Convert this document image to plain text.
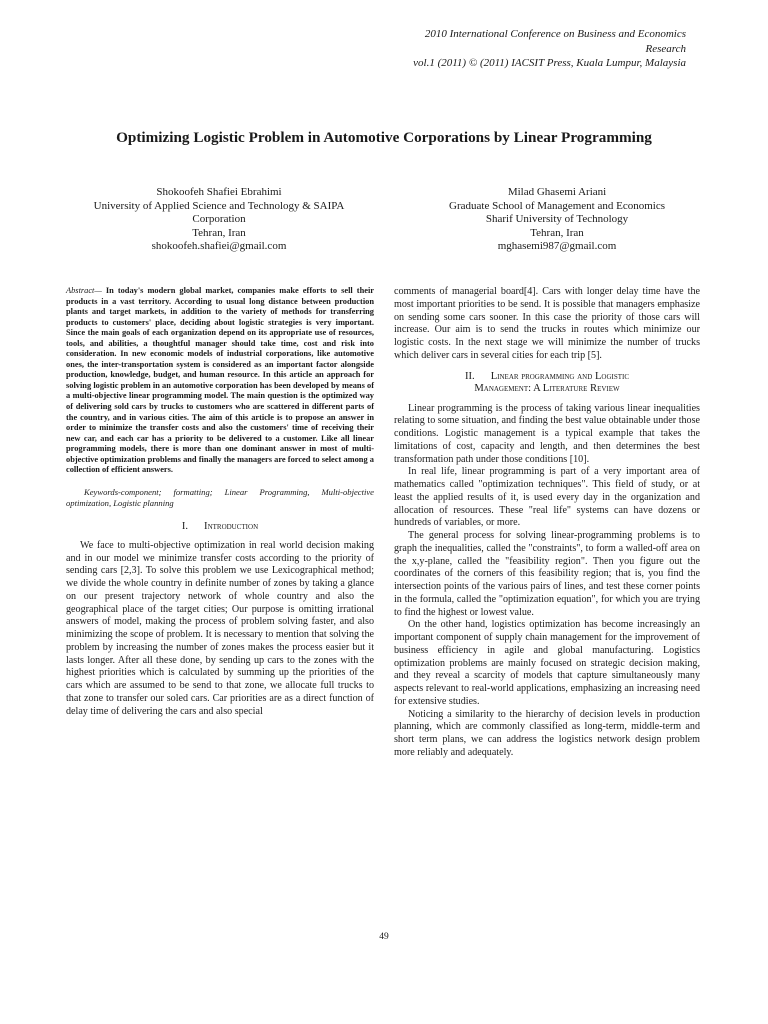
2010 International Conference on Business and Economics
Research
vol.1 (2011) © (2011) IACSIT Press, Kuala Lumpur, Malaysia
Optimizing Logistic Problem in Automotive Corporations by Linear Programming
Shokoofeh Shafiei Ebrahimi
University of Applied Science and Technology & SAIPA
Corporation
Tehran, Iran
shokoofeh.shafiei@gmail.com
Milad Ghasemi Ariani
Graduate School of Management and Economics
Sharif University of Technology
Tehran, Iran
mghasemi987@gmail.com

Abstract— In today's modern global market, companies make efforts to sell their products in a vast territory. According to usual long distance between production plants and target markets, in addition to the variety of methods for transferring products to customers' place, deciding about logistic strategies is very important. Since the main goals of each organization depend on its appropriate use of resources, tools, and abilities, a thoughtful manager should take time, cost and risk into consideration. In new economic models of industrial corporations, like automotive ones, the inter-transportation system is considered as an important factor alongside production, knowledge, budget, and human resource. In this article an approach for solving logistic problem in an automotive corporation has been developed by means of a multi-objective linear programming model. The main question is the optimized way of delivering sold cars by trucks to customers who are scattered in different parts of the country, and in various cities. The aim of this article is to propose an answer in order to minimize the transfer costs and also the customers' time of receiving their new car, and each car has a priority to be delivered to a customer. Like all linear programming models, there is more than one dominant answer in most of multi-objective optimization problems and finally the managers are forced to select among a collection of efficient answers.

Keywords-component; formatting; Linear Programming, Multi-objective optimization, Logistic planning

I. Introduction

We face to multi-objective optimization in real world decision making and in our model we minimize transfer costs according to the priority of sending cars [2,3]. To solve this problem we use Lexicographical method; we divide the whole country in definite number of zones by taking a glance on our present trajectory network of whole country and also the geographical place of the target cities; Our purpose is omitting irrational answers of model, making the process of problem solving faster, and also minimizing the scope of problem. It is necessary to mention that solving the problem by increasing the number of zones makes the process easier but it lasts longer. After all these done, by sending up cars to the zones with the highest priorities which is calculated by summing up the priorities of the cars which are assumed to be send to that zone, we allocate full trucks to that zone to transfer our soled cars. Car priorities are as a direct function of delay time of delivering the cars and also special

comments of managerial board[4]. Cars with longer delay time have the most important priorities to be send. It is possible that managers emphasize on sending some cars sooner. In this case the priority of those cars will increase. Our aim is to send the trucks in routes which minimize our logistic costs. In the next stage we will minimize the number of trucks which deliver cars in several cities for each trip [5].

II. Linear programming and Logistic
Management: A Literature Review

Linear programming is the process of taking various linear inequalities relating to some situation, and finding the best value obtainable under those conditions. Logistic management is a typical example that takes the limitations of cost, capacity and length, and then determines the best transformation path under those conditions [10].

In real life, linear programming is part of a very important area of mathematics called "optimization techniques". This field of study, or at least the applied results of it, is used every day in the organization and allocation of resources. These "real life" systems can have dozens or hundreds of variables, or more.

The general process for solving linear-programming problems is to graph the inequalities, called the "constraints", to form a walled-off area on the x,y-plane, called the "feasibility region". Then you figure out the coordinates of the corners of this feasibility region; that is, you find the intersection points of the various pairs of lines, and test these corner points in the formula, called the "optimization equation", for which you are trying to find the highest or lowest value.

On the other hand, logistics optimization has become increasingly an important component of supply chain management for the improvement of business efficiency in agile and global manufacturing. Logistics optimization problems are mainly focused on strategic decision making, and they reveal a scarcity of models that capture simultaneously many aspects relevant to real-world applications, emphasizing an increasing need for extensive studies.

Noticing a similarity to the hierarchy of decision levels in production planning, which are commonly classified as long-term, middle-term and short term plans, we can address the logistics network design problem more reliably and adequately.

49
